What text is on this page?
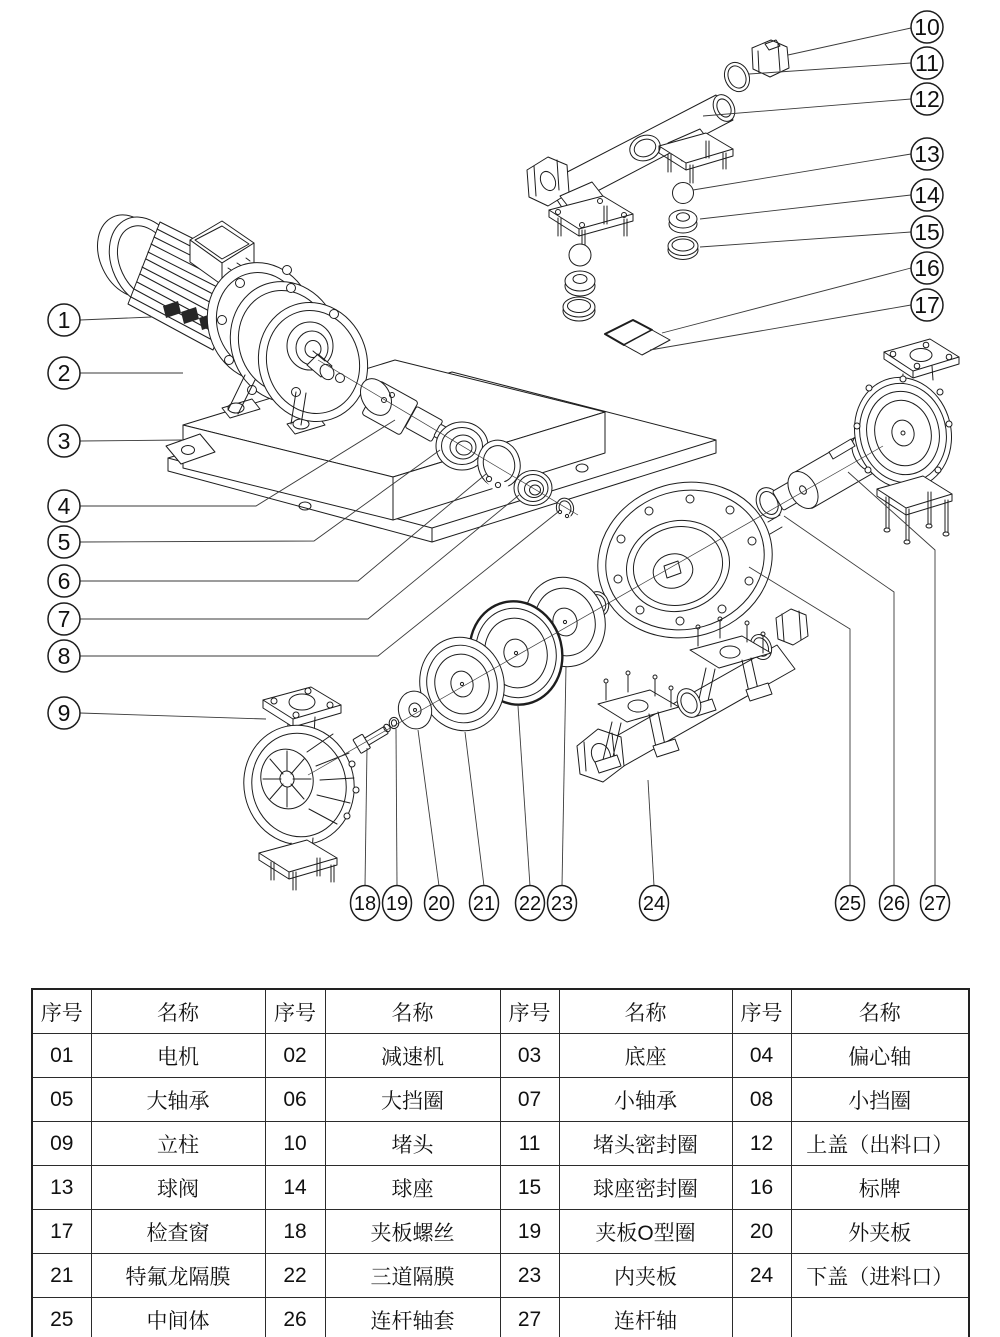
1
2
3
4
5
6
7
8
9
10
11
12
13
14
15
16
17
18 19 20 21 22 23	24	25 26 27
序号	名称	序号	名称	序号	名称	序号	名称
01	电机	02	减速机	03	底座	04	偏心轴
05	大轴承	06	大挡圈	07	小轴承	08	小挡圈
09	立柱	10	堵头	11	堵头密封圈	12	上盖（出料口）
13	球阀	14	球座	15	球座密封圈	16	标牌
17	检查窗	18	夹板螺丝	19	夹板O型圈	20	外夹板
21	特氟龙隔膜	22	三道隔膜	23	内夹板	24	下盖（进料口）
25	中间体	26	连杆轴套	27	连杆轴		
